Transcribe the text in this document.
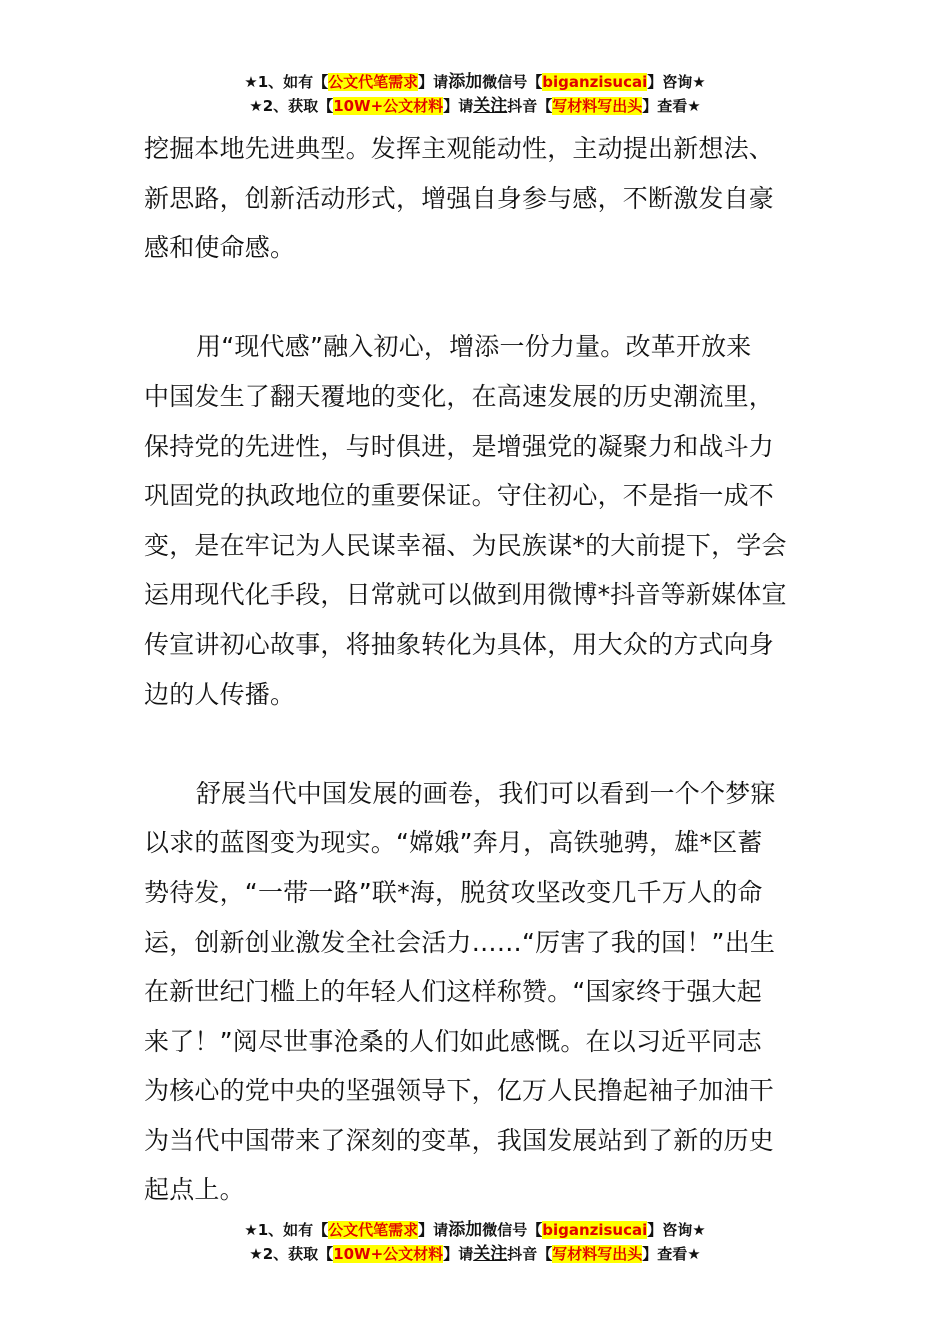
★1、如有【公文代笔需求】请添加微信号【biganzisucai】咨询★
★2、获取【10W+公文材料】请关注抖音【写材料写出头】查看★

挖掘本地先进典型。发挥主观能动性，主动提出新想法、
新思路，创新活动形式，增强自身参与感，不断激发自豪
感和使命感。

用“现代感”融入初心，增添一份力量。改革开放来
中国发生了翻天覆地的变化，在高速发展的历史潮流里，
保持党的先进性，与时俱进，是增强党的凝聚力和战斗力
巩固党的执政地位的重要保证。守住初心，不是指一成不
变，是在牢记为人民谋幸福、为民族谋*的大前提下，学会
运用现代化手段，日常就可以做到用微博*抖音等新媒体宣
传宣讲初心故事，将抽象转化为具体，用大众的方式向身
边的人传播。

舒展当代中国发展的画卷，我们可以看到一个个梦寐
以求的蓝图变为现实。“嫦娥”奔月，高铁驰骋，雄*区蓄
势待发，“一带一路”联*海，脱贫攻坚改变几千万人的命
运，创新创业激发全社会活力……“厉害了我的国！”出生
在新世纪门槛上的年轻人们这样称赞。“国家终于强大起
来了！”阅尽世事沧桑的人们如此感慨。在以习近平同志
为核心的党中央的坚强领导下，亿万人民撸起袖子加油干
为当代中国带来了深刻的变革，我国发展站到了新的历史
起点上。

★1、如有【公文代笔需求】请添加微信号【biganzisucai】咨询★
★2、获取【10W+公文材料】请关注抖音【写材料写出头】查看★
